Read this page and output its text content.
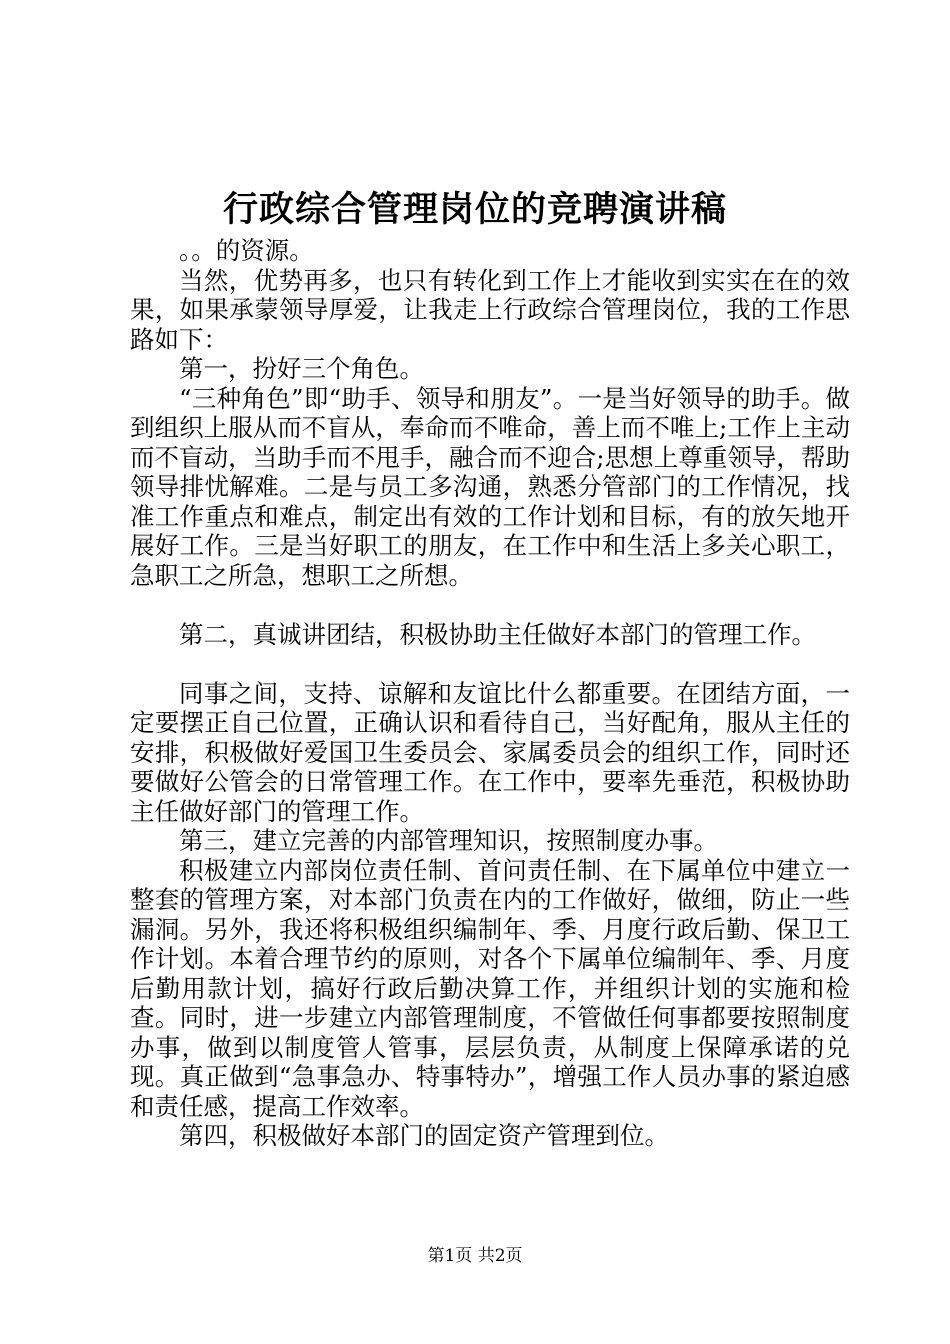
行政综合管理岗位的竞聘演讲稿

。。的资源。

当然，优势再多，也只有转化到工作上才能收到实实在在的效果，如果承蒙领导厚爱，让我走上行政综合管理岗位，我的工作思路如下：

第一，扮好三个角色。

“三种角色”即“助手、领导和朋友”。一是当好领导的助手。做到组织上服从而不盲从，奉命而不唯命，善上而不唯上;工作上主动而不盲动，当助手而不甩手，融合而不迎合;思想上尊重领导，帮助领导排忧解难。二是与员工多沟通，熟悉分管部门的工作情况，找准工作重点和难点，制定出有效的工作计划和目标，有的放矢地开展好工作。三是当好职工的朋友，在工作中和生活上多关心职工，急职工之所急，想职工之所想。

第二，真诚讲团结，积极协助主任做好本部门的管理工作。

同事之间，支持、谅解和友谊比什么都重要。在团结方面，一定要摆正自己位置，正确认识和看待自己，当好配角，服从主任的安排，积极做好爱国卫生委员会、家属委员会的组织工作，同时还要做好公管会的日常管理工作。在工作中，要率先垂范，积极协助主任做好部门的管理工作。

第三，建立完善的内部管理知识，按照制度办事。

积极建立内部岗位责任制、首问责任制、在下属单位中建立一整套的管理方案，对本部门负责在内的工作做好，做细，防止一些漏洞。另外，我还将积极组织编制年、季、月度行政后勤、保卫工作计划。本着合理节约的原则，对各个下属单位编制年、季、月度后勤用款计划，搞好行政后勤决算工作，并组织计划的实施和检查。同时，进一步建立内部管理制度，不管做任何事都要按照制度办事，做到以制度管人管事，层层负责，从制度上保障承诺的兑现。真正做到“急事急办、特事特办”，增强工作人员办事的紧迫感和责任感，提高工作效率。

第四，积极做好本部门的固定资产管理到位。

第1页 共2页
